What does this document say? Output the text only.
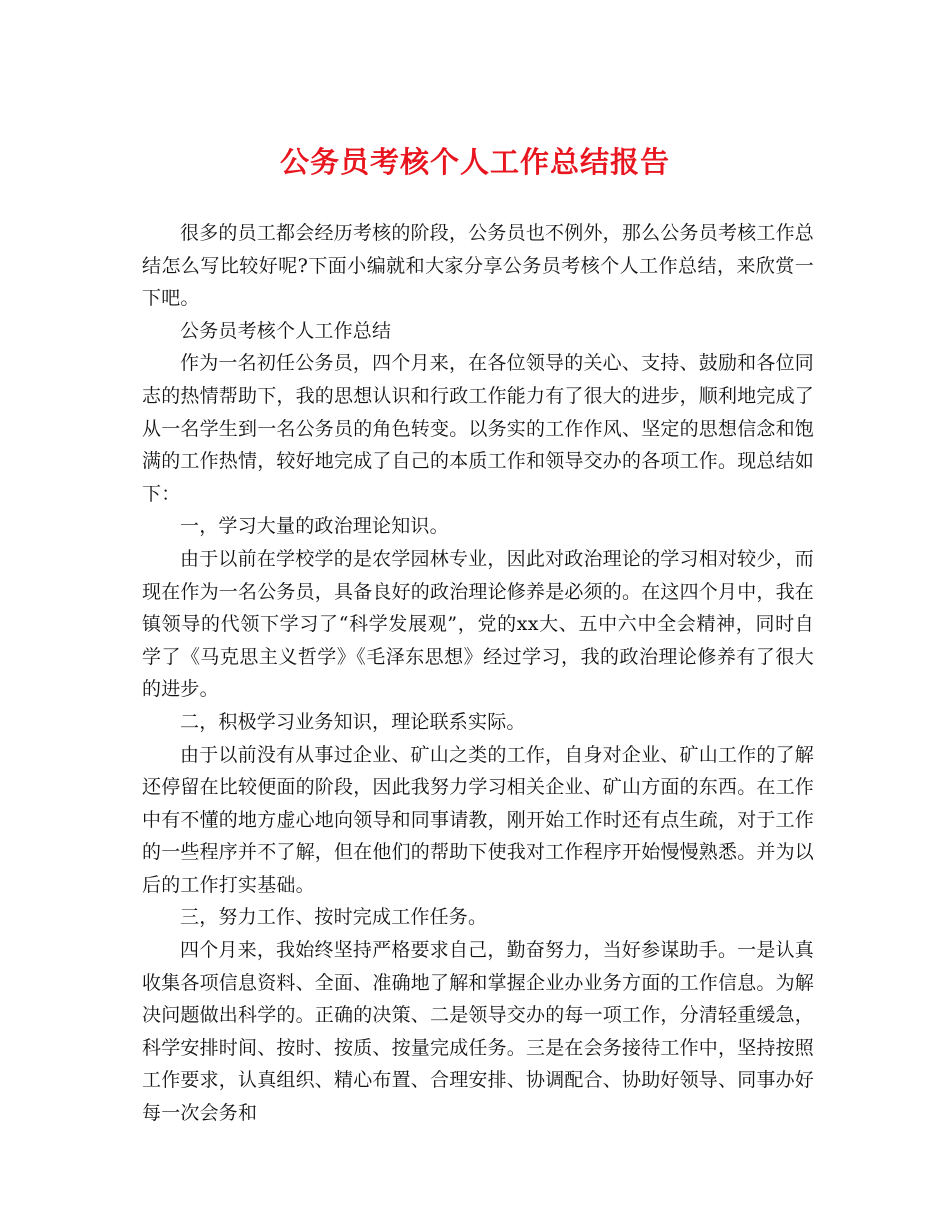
公务员考核个人工作总结报告

很多的员工都会经历考核的阶段，公务员也不例外，那么公务员考核工作总结怎么写比较好呢?下面小编就和大家分享公务员考核个人工作总结，来欣赏一下吧。

公务员考核个人工作总结

作为一名初任公务员，四个月来，在各位领导的关心、支持、鼓励和各位同志的热情帮助下，我的思想认识和行政工作能力有了很大的进步，顺利地完成了从一名学生到一名公务员的角色转变。以务实的工作作风、坚定的思想信念和饱满的工作热情，较好地完成了自己的本质工作和领导交办的各项工作。现总结如下：

一，学习大量的政治理论知识。

由于以前在学校学的是农学园林专业，因此对政治理论的学习相对较少，而现在作为一名公务员，具备良好的政治理论修养是必须的。在这四个月中，我在镇领导的代领下学习了“科学发展观”，党的xx大、五中六中全会精神，同时自学了《马克思主义哲学》《毛泽东思想》经过学习，我的政治理论修养有了很大的进步。

二，积极学习业务知识，理论联系实际。

由于以前没有从事过企业、矿山之类的工作，自身对企业、矿山工作的了解还停留在比较便面的阶段，因此我努力学习相关企业、矿山方面的东西。在工作中有不懂的地方虚心地向领导和同事请教，刚开始工作时还有点生疏，对于工作的一些程序并不了解，但在他们的帮助下使我对工作程序开始慢慢熟悉。并为以后的工作打实基础。

三，努力工作、按时完成工作任务。

四个月来，我始终坚持严格要求自己，勤奋努力，当好参谋助手。一是认真收集各项信息资料、全面、准确地了解和掌握企业办业务方面的工作信息。为解决问题做出科学的。正确的决策、二是领导交办的每一项工作，分清轻重缓急，科学安排时间、按时、按质、按量完成任务。三是在会务接待工作中，坚持按照工作要求，认真组织、精心布置、合理安排、协调配合、协助好领导、同事办好每一次会务和
